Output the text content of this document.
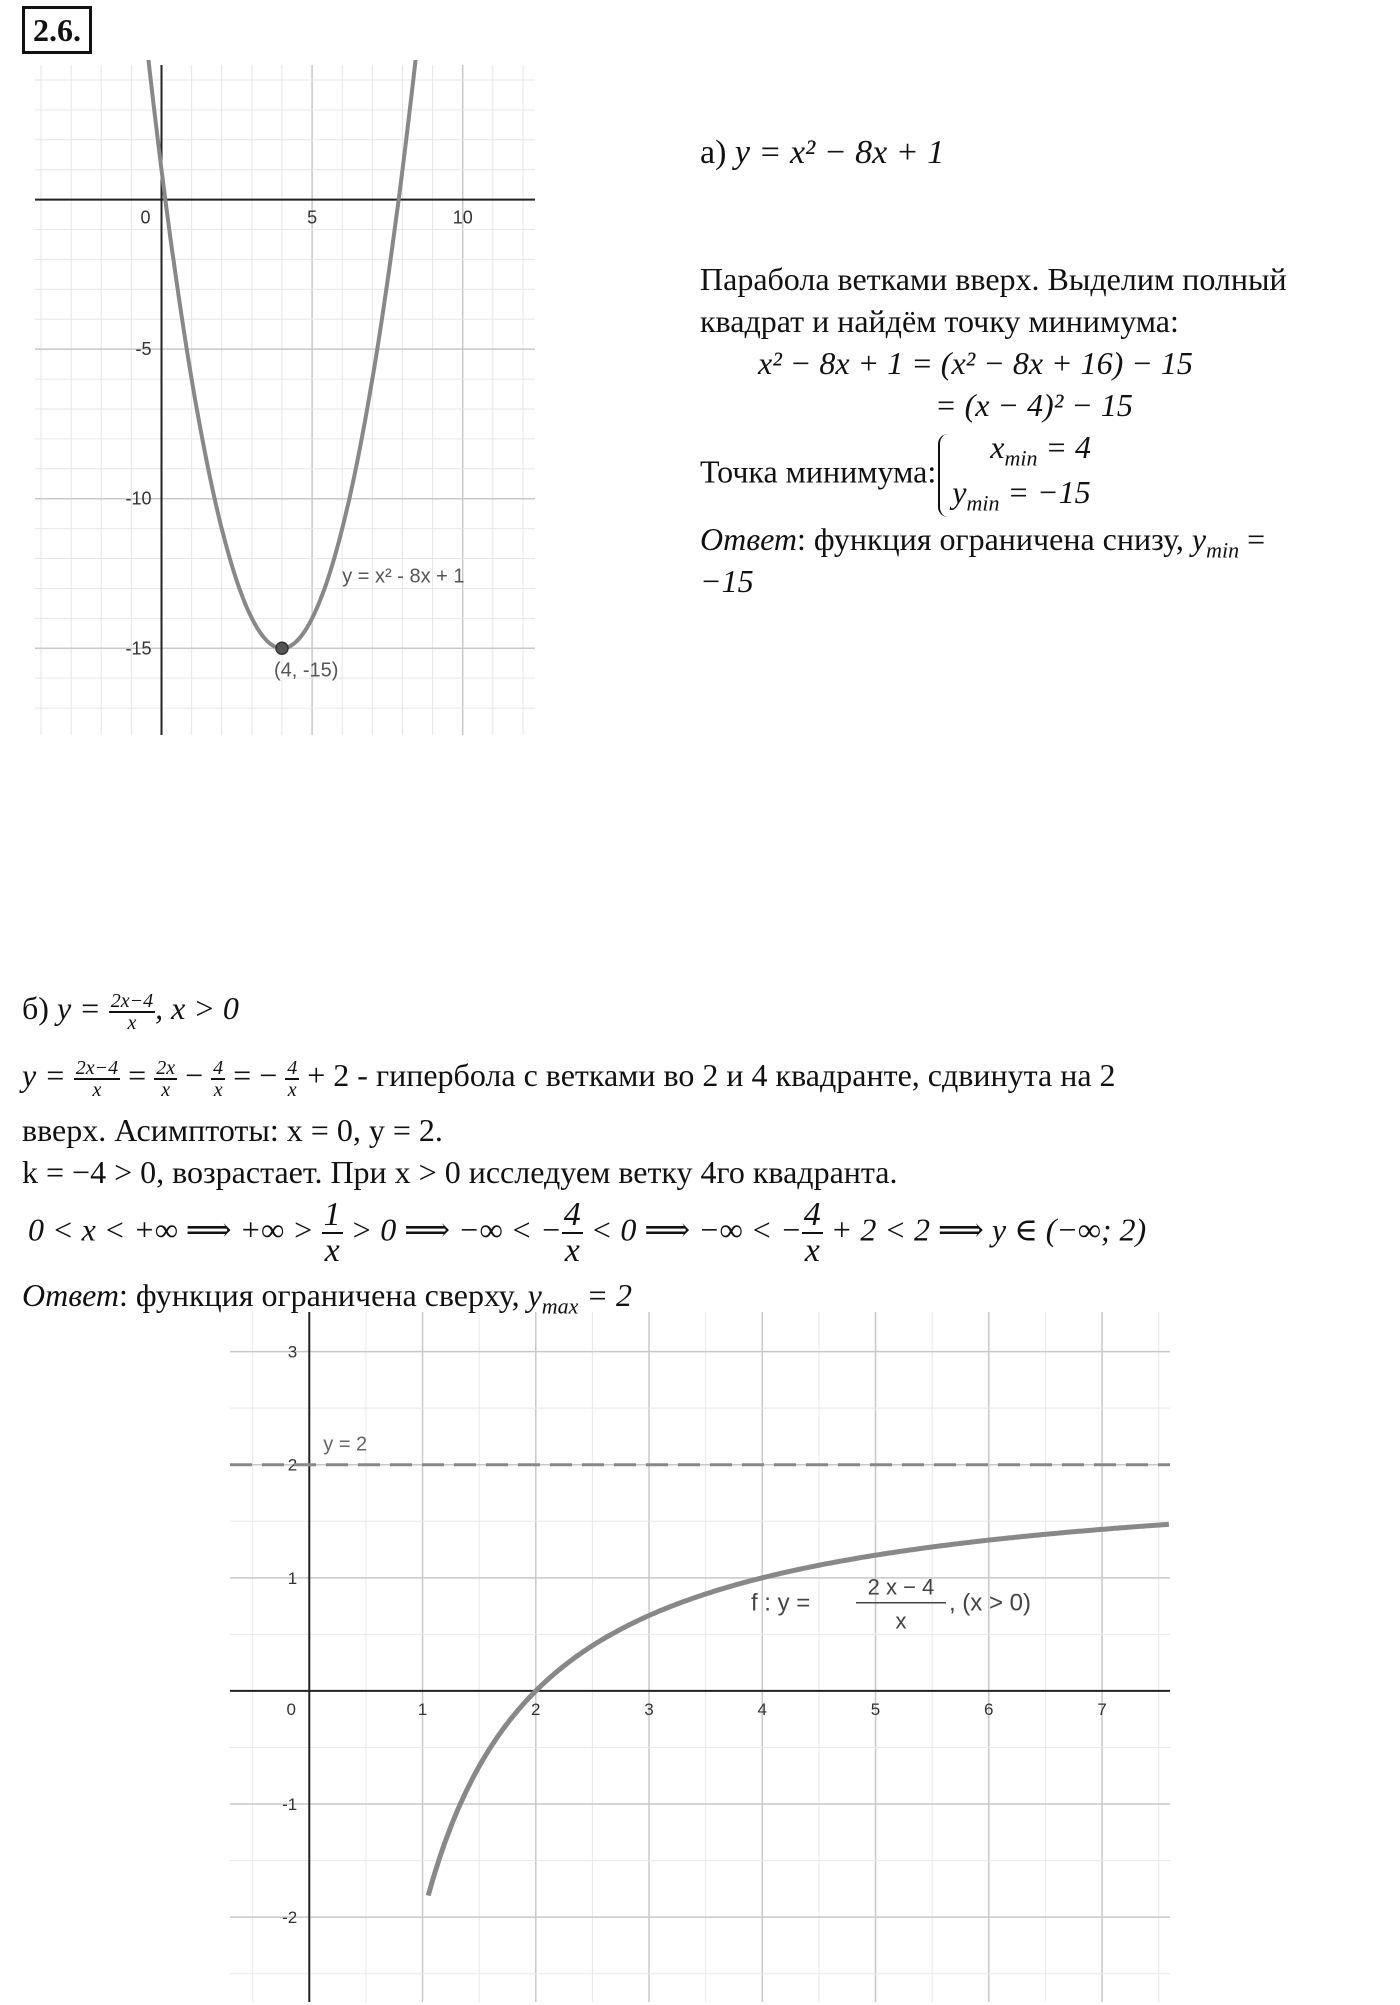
2.6.
0	5	10
-5
-10
-15
(4, -15)
y = x² - 8x + 1
а) y = x² − 8x + 1
Парабола ветками вверх. Выделим полный
квадрат и найдём точку минимума:
x² − 8x + 1 = (x² − 8x + 16) − 15
= (x − 4)² − 15
Точка минимума:
$x_{min} = 4$
$y_{min} = -15$
Ответ: функция ограничена снизу, $y_{min}$ =
−15
б) $y = \frac{2x-4}{x}$ , x > 0
$y = \frac{2x-4}{x} = \frac{2x}{x} - \frac{4}{x}$ = − $\frac{4}{x} + 2$ - гипербола с ветками во 2 и 4 квадранте, сдвинута на 2
вверх. Асимптоты: x = 0, y = 2.
k = −4 > 0, возрастает. При x > 0 исследуем ветку 4го квадранта.
0 < x < +∞ ⟹ +∞ > $\frac{1}{x} > 0$ ⟹ −∞ < − $\frac{4}{x} < 0$ ⟹ −∞ < − $\frac{4}{x} + 2 < 2$ ⟹ y ∈ (−∞; 2)
Ответ: функция ограничена сверху, $y_{max} = 2$
0	1	2	3	4	5	6	7
3
2
1
-1
-2
y = 2
f : y =
2 x − 4
x
, (x > 0)
